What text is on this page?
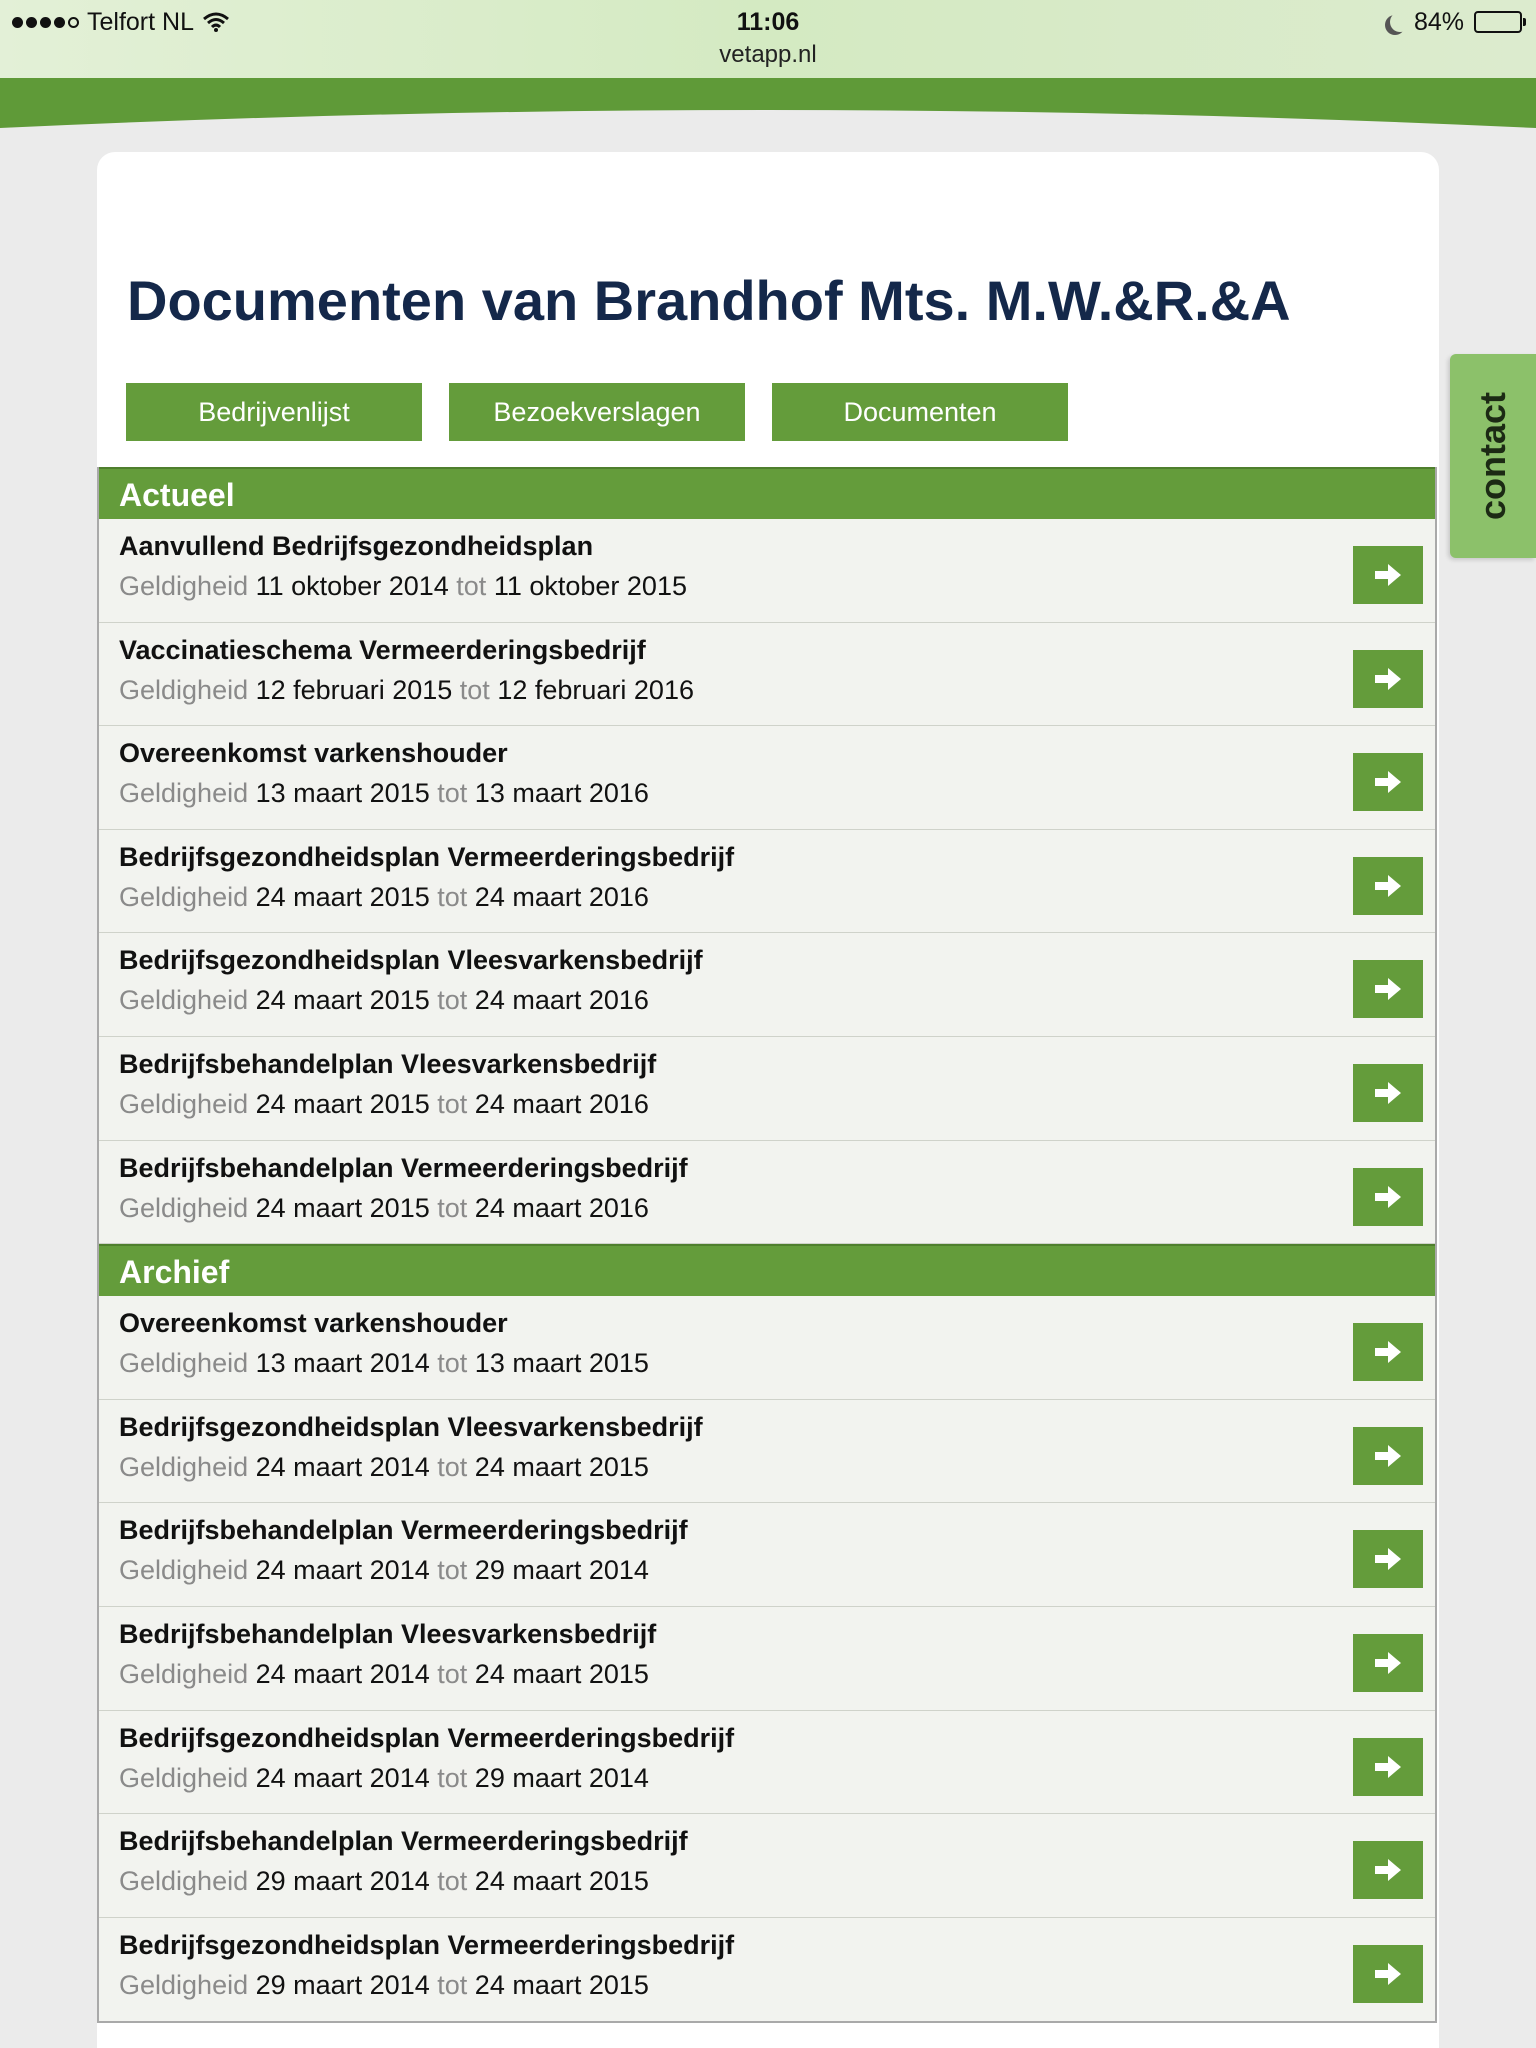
Telfort NL	11:06
vetapp.nl
84%
contact
Documenten van Brandhof Mts. M.W.&R.&A
Bedrijvenlijst	Bezoekverslagen	Documenten
Actueel
Aanvullend Bedrijfsgezondheidsplan
Geldigheid 11 oktober 2014 tot 11 oktober 2015
Vaccinatieschema Vermeerderingsbedrijf
Geldigheid 12 februari 2015 tot 12 februari 2016
Overeenkomst varkenshouder
Geldigheid 13 maart 2015 tot 13 maart 2016
Bedrijfsgezondheidsplan Vermeerderingsbedrijf
Geldigheid 24 maart 2015 tot 24 maart 2016
Bedrijfsgezondheidsplan Vleesvarkensbedrijf
Geldigheid 24 maart 2015 tot 24 maart 2016
Bedrijfsbehandelplan Vleesvarkensbedrijf
Geldigheid 24 maart 2015 tot 24 maart 2016
Bedrijfsbehandelplan Vermeerderingsbedrijf
Geldigheid 24 maart 2015 tot 24 maart 2016
Archief
Overeenkomst varkenshouder
Geldigheid 13 maart 2014 tot 13 maart 2015
Bedrijfsgezondheidsplan Vleesvarkensbedrijf
Geldigheid 24 maart 2014 tot 24 maart 2015
Bedrijfsbehandelplan Vermeerderingsbedrijf
Geldigheid 24 maart 2014 tot 29 maart 2014
Bedrijfsbehandelplan Vleesvarkensbedrijf
Geldigheid 24 maart 2014 tot 24 maart 2015
Bedrijfsgezondheidsplan Vermeerderingsbedrijf
Geldigheid 24 maart 2014 tot 29 maart 2014
Bedrijfsbehandelplan Vermeerderingsbedrijf
Geldigheid 29 maart 2014 tot 24 maart 2015
Bedrijfsgezondheidsplan Vermeerderingsbedrijf
Geldigheid 29 maart 2014 tot 24 maart 2015
